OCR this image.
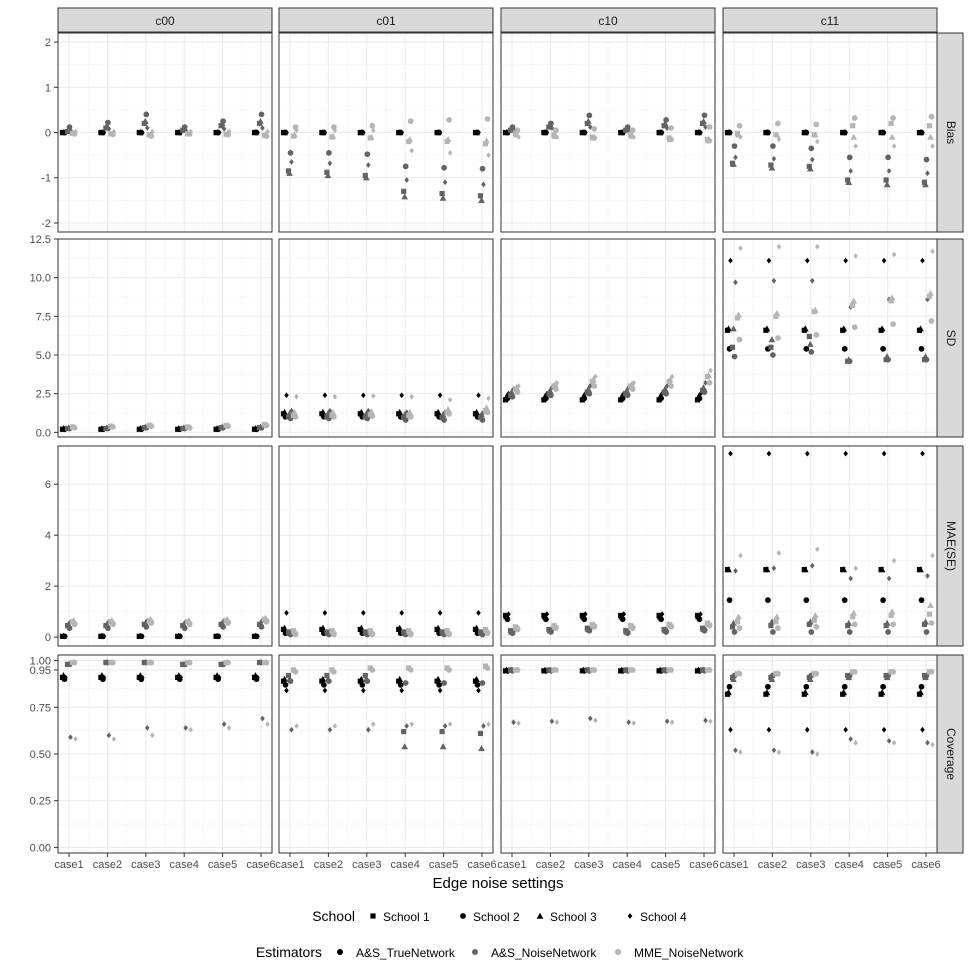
c00	c01	c10	c11
Bias
SD
MAE(SE)
Coverage
-2
-1
0
1
2
0.0
2.5
5.0
7.5
10.0
12.5
0
2
4
6
0.00
0.25
0.50
0.75
0.95
1.00
case1 case2 case3 case4 case5 case6 case1 case2 case3 case4 case5 case6 case1 case2 case3 case4 case5 case6 case1 case2 case3 case4 case5 case6
Edge noise settings
School School 1	School 2	School 3	School 4
Estimators	A&S_TrueNetwork	A&S_NoiseNetwork	MME_NoiseNetwork
